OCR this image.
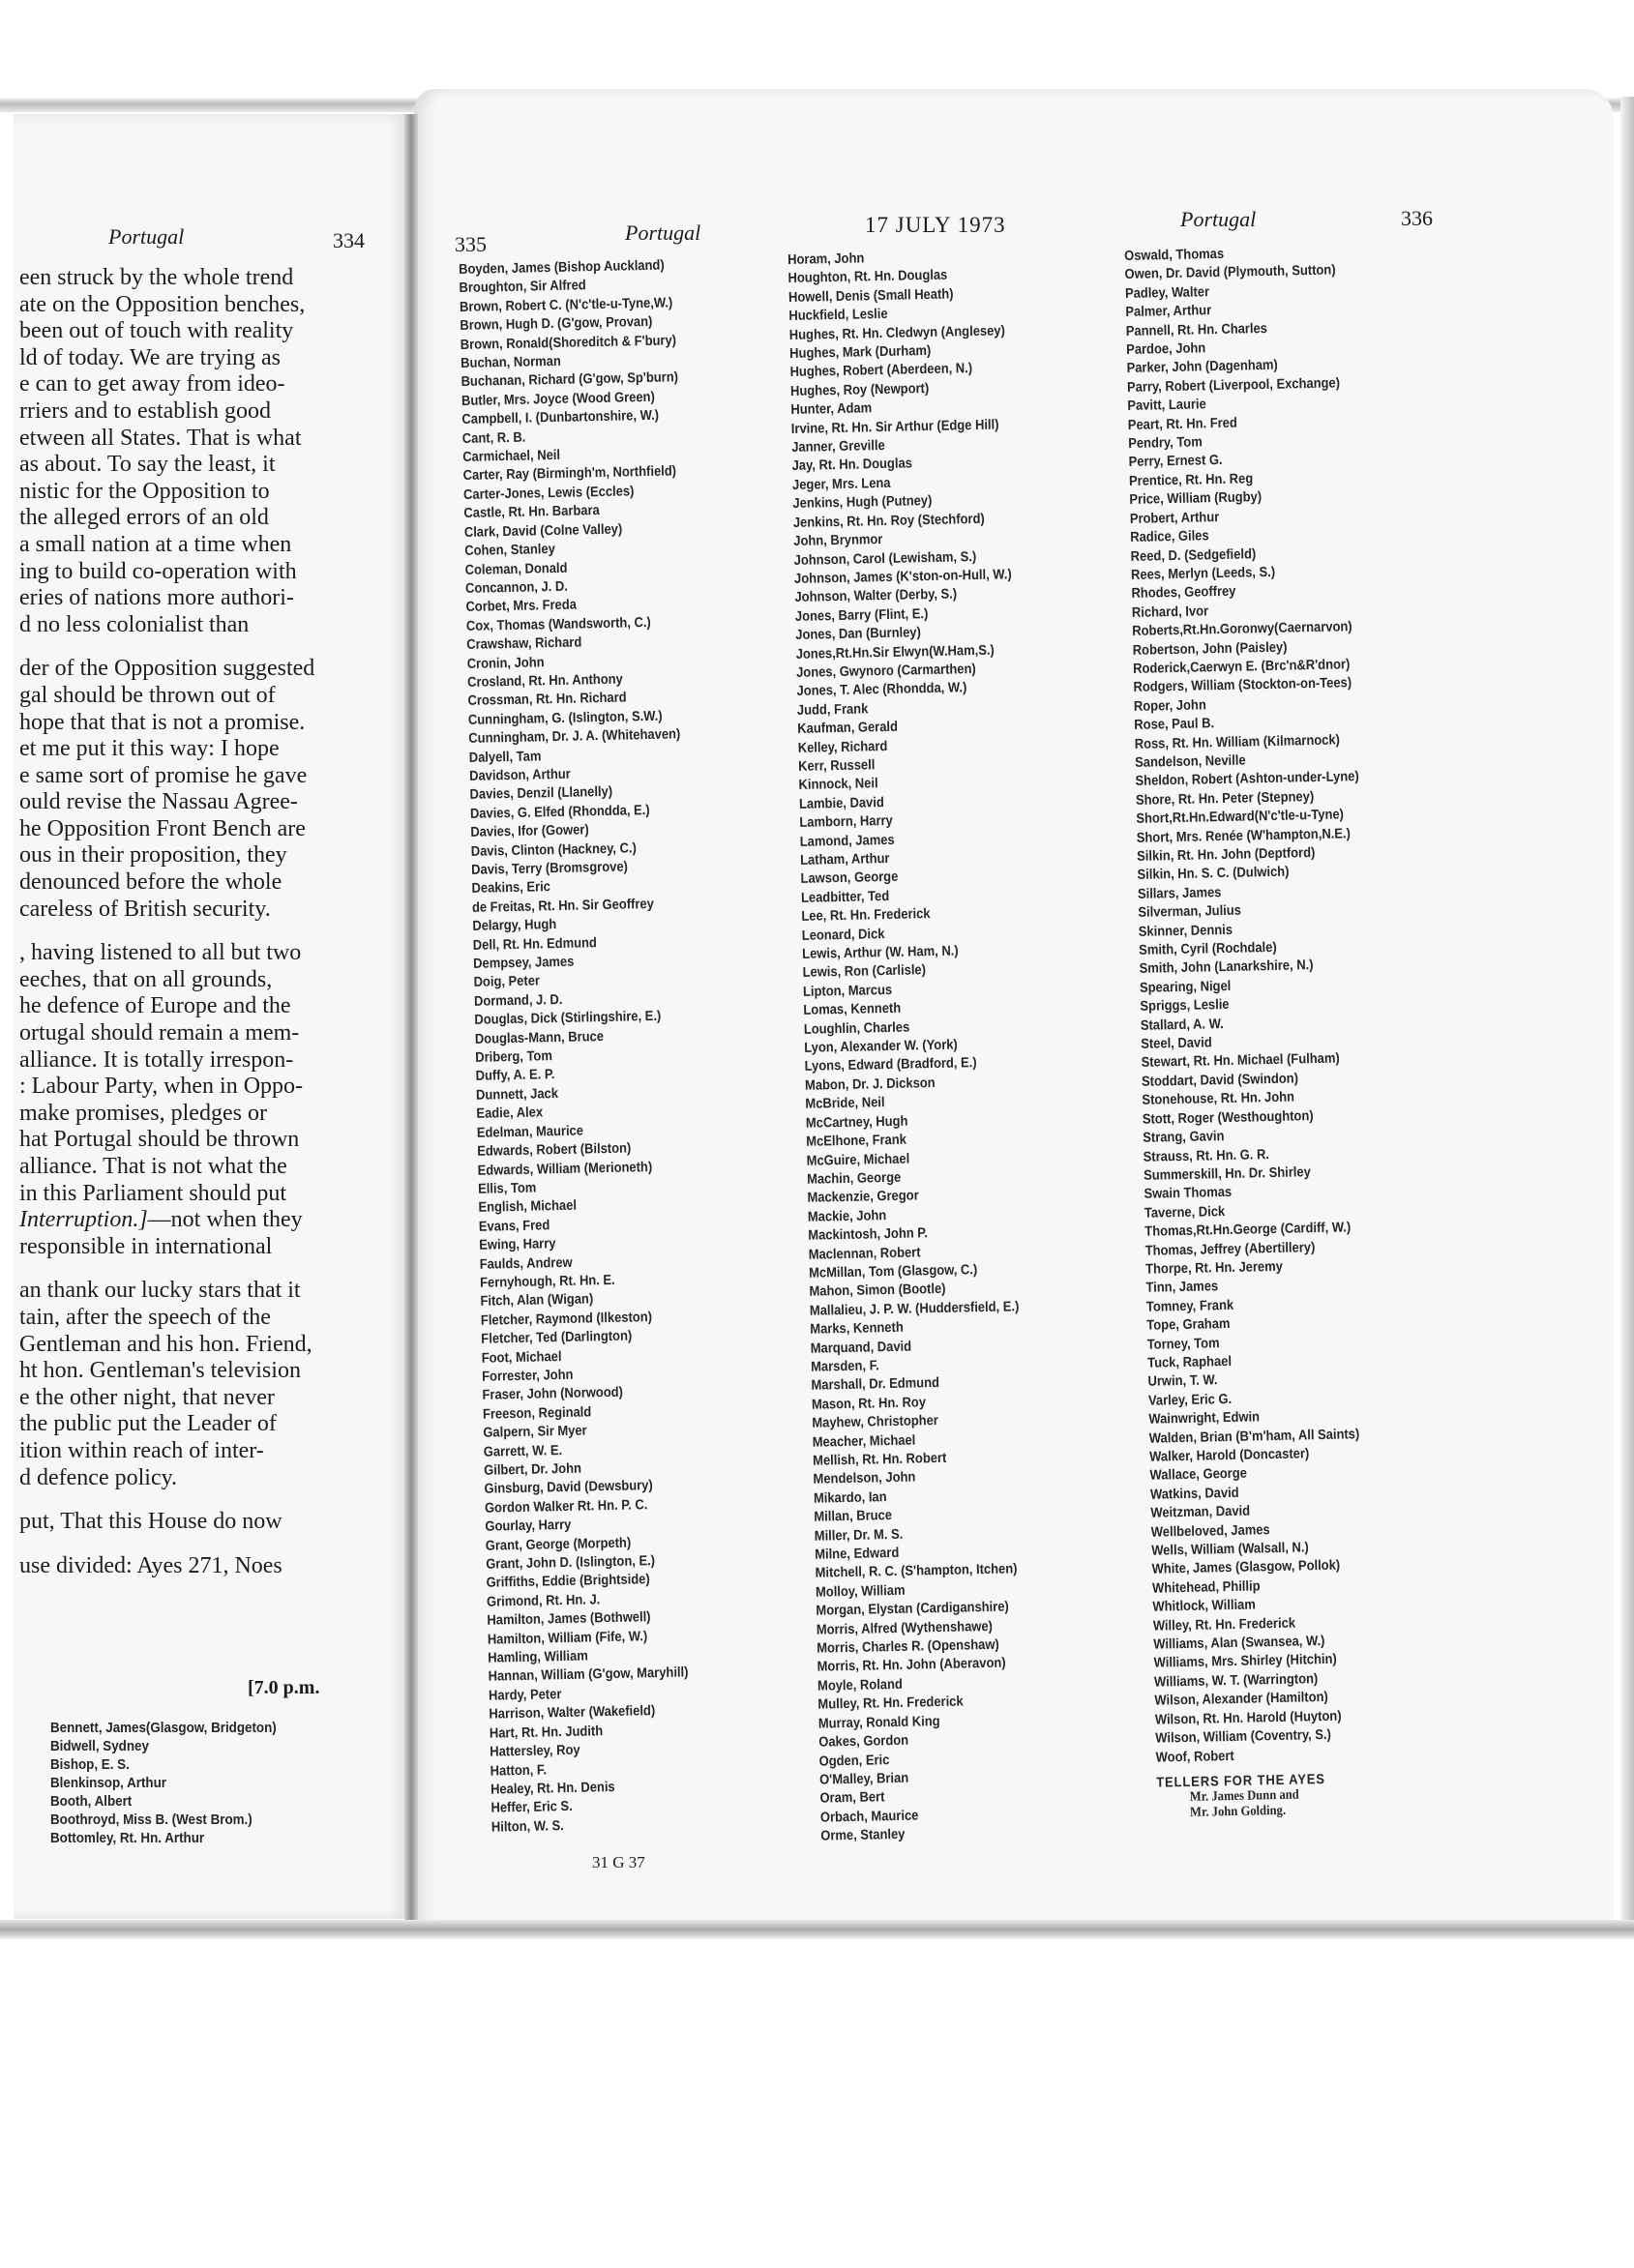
Portugal	334

een struck by the whole trend

ate on the Opposition benches,

been out of touch with reality

ld of today. We are trying as

e can to get away from ideo-

rriers and to establish good

etween all States. That is what

as about. To say the least, it

nistic for the Opposition to

the alleged errors of an old

a small nation at a time when

ing to build co-operation with

eries of nations more authori-

d no less colonialist than

der of the Opposition suggested

gal should be thrown out of

hope that that is not a promise.

et me put it this way: I hope

e same sort of promise he gave

ould revise the Nassau Agree-

he Opposition Front Bench are

ous in their proposition, they

denounced before the whole

careless of British security.

, having listened to all but two

eeches, that on all grounds,

he defence of Europe and the

ortugal should remain a mem-

alliance. It is totally irrespon-

: Labour Party, when in Oppo-

make promises, pledges or

hat Portugal should be thrown

alliance. That is not what the

in this Parliament should put

Interruption.]—not when they

responsible in international

an thank our lucky stars that it

tain, after the speech of the

Gentleman and his hon. Friend,

ht hon. Gentleman's television

e the other night, that never

the public put the Leader of

ition within reach of inter-

d defence policy.

put, That this House do now

use divided: Ayes 271, Noes

[7.0 p.m.
Bennett, James(Glasgow, Bridgeton)
Bidwell, Sydney
Bishop, E. S.
Blenkinsop, Arthur
Booth, Albert
Boothroyd, Miss B. (West Brom.)
Bottomley, Rt. Hn. Arthur
335	Portugal	17 JULY 1973	Portugal	336
Boyden, James (Bishop Auckland)
Broughton, Sir Alfred
Brown, Robert C. (N'c'tle-u-Tyne,W.)
Brown, Hugh D. (G'gow, Provan)
Brown, Ronald(Shoreditch & F'bury)
Buchan, Norman
Buchanan, Richard (G'gow, Sp'burn)
Butler, Mrs. Joyce (Wood Green)
Campbell, I. (Dunbartonshire, W.)
Cant, R. B.
Carmichael, Neil
Carter, Ray (Birmingh'm, Northfield)
Carter-Jones, Lewis (Eccles)
Castle, Rt. Hn. Barbara
Clark, David (Colne Valley)
Cohen, Stanley
Coleman, Donald
Concannon, J. D.
Corbet, Mrs. Freda
Cox, Thomas (Wandsworth, C.)
Crawshaw, Richard
Cronin, John
Crosland, Rt. Hn. Anthony
Crossman, Rt. Hn. Richard
Cunningham, G. (Islington, S.W.)
Cunningham, Dr. J. A. (Whitehaven)
Dalyell, Tam
Davidson, Arthur
Davies, Denzil (Llanelly)
Davies, G. Elfed (Rhondda, E.)
Davies, Ifor (Gower)
Davis, Clinton (Hackney, C.)
Davis, Terry (Bromsgrove)
Deakins, Eric
de Freitas, Rt. Hn. Sir Geoffrey
Delargy, Hugh
Dell, Rt. Hn. Edmund
Dempsey, James
Doig, Peter
Dormand, J. D.
Douglas, Dick (Stirlingshire, E.)
Douglas-Mann, Bruce
Driberg, Tom
Duffy, A. E. P.
Dunnett, Jack
Eadie, Alex
Edelman, Maurice
Edwards, Robert (Bilston)
Edwards, William (Merioneth)
Ellis, Tom
English, Michael
Evans, Fred
Ewing, Harry
Faulds, Andrew
Fernyhough, Rt. Hn. E.
Fitch, Alan (Wigan)
Fletcher, Raymond (Ilkeston)
Fletcher, Ted (Darlington)
Foot, Michael
Forrester, John
Fraser, John (Norwood)
Freeson, Reginald
Galpern, Sir Myer
Garrett, W. E.
Gilbert, Dr. John
Ginsburg, David (Dewsbury)
Gordon Walker Rt. Hn. P. C.
Gourlay, Harry
Grant, George (Morpeth)
Grant, John D. (Islington, E.)
Griffiths, Eddie (Brightside)
Grimond, Rt. Hn. J.
Hamilton, James (Bothwell)
Hamilton, William (Fife, W.)
Hamling, William
Hannan, William (G'gow, Maryhill)
Hardy, Peter
Harrison, Walter (Wakefield)
Hart, Rt. Hn. Judith
Hattersley, Roy
Hatton, F.
Healey, Rt. Hn. Denis
Heffer, Eric S.
Hilton, W. S.
Horam, John
Houghton, Rt. Hn. Douglas
Howell, Denis (Small Heath)
Huckfield, Leslie
Hughes, Rt. Hn. Cledwyn (Anglesey)
Hughes, Mark (Durham)
Hughes, Robert (Aberdeen, N.)
Hughes, Roy (Newport)
Hunter, Adam
Irvine, Rt. Hn. Sir Arthur (Edge Hill)
Janner, Greville
Jay, Rt. Hn. Douglas
Jeger, Mrs. Lena
Jenkins, Hugh (Putney)
Jenkins, Rt. Hn. Roy (Stechford)
John, Brynmor
Johnson, Carol (Lewisham, S.)
Johnson, James (K'ston-on-Hull, W.)
Johnson, Walter (Derby, S.)
Jones, Barry (Flint, E.)
Jones, Dan (Burnley)
Jones,Rt.Hn.Sir Elwyn(W.Ham,S.)
Jones, Gwynoro (Carmarthen)
Jones, T. Alec (Rhondda, W.)
Judd, Frank
Kaufman, Gerald
Kelley, Richard
Kerr, Russell
Kinnock, Neil
Lambie, David
Lamborn, Harry
Lamond, James
Latham, Arthur
Lawson, George
Leadbitter, Ted
Lee, Rt. Hn. Frederick
Leonard, Dick
Lewis, Arthur (W. Ham, N.)
Lewis, Ron (Carlisle)
Lipton, Marcus
Lomas, Kenneth
Loughlin, Charles
Lyon, Alexander W. (York)
Lyons, Edward (Bradford, E.)
Mabon, Dr. J. Dickson
McBride, Neil
McCartney, Hugh
McElhone, Frank
McGuire, Michael
Machin, George
Mackenzie, Gregor
Mackie, John
Mackintosh, John P.
Maclennan, Robert
McMillan, Tom (Glasgow, C.)
Mahon, Simon (Bootle)
Mallalieu, J. P. W. (Huddersfield, E.)
Marks, Kenneth
Marquand, David
Marsden, F.
Marshall, Dr. Edmund
Mason, Rt. Hn. Roy
Mayhew, Christopher
Meacher, Michael
Mellish, Rt. Hn. Robert
Mendelson, John
Mikardo, Ian
Millan, Bruce
Miller, Dr. M. S.
Milne, Edward
Mitchell, R. C. (S'hampton, Itchen)
Molloy, William
Morgan, Elystan (Cardiganshire)
Morris, Alfred (Wythenshawe)
Morris, Charles R. (Openshaw)
Morris, Rt. Hn. John (Aberavon)
Moyle, Roland
Mulley, Rt. Hn. Frederick
Murray, Ronald King
Oakes, Gordon
Ogden, Eric
O'Malley, Brian
Oram, Bert
Orbach, Maurice
Orme, Stanley
Oswald, Thomas
Owen, Dr. David (Plymouth, Sutton)
Padley, Walter
Palmer, Arthur
Pannell, Rt. Hn. Charles
Pardoe, John
Parker, John (Dagenham)
Parry, Robert (Liverpool, Exchange)
Pavitt, Laurie
Peart, Rt. Hn. Fred
Pendry, Tom
Perry, Ernest G.
Prentice, Rt. Hn. Reg
Price, William (Rugby)
Probert, Arthur
Radice, Giles
Reed, D. (Sedgefield)
Rees, Merlyn (Leeds, S.)
Rhodes, Geoffrey
Richard, Ivor
Roberts,Rt.Hn.Goronwy(Caernarvon)
Robertson, John (Paisley)
Roderick,Caerwyn E. (Brc'n&R'dnor)
Rodgers, William (Stockton-on-Tees)
Roper, John
Rose, Paul B.
Ross, Rt. Hn. William (Kilmarnock)
Sandelson, Neville
Sheldon, Robert (Ashton-under-Lyne)
Shore, Rt. Hn. Peter (Stepney)
Short,Rt.Hn.Edward(N'c'tle-u-Tyne)
Short, Mrs. Renée (W'hampton,N.E.)
Silkin, Rt. Hn. John (Deptford)
Silkin, Hn. S. C. (Dulwich)
Sillars, James
Silverman, Julius
Skinner, Dennis
Smith, Cyril (Rochdale)
Smith, John (Lanarkshire, N.)
Spearing, Nigel
Spriggs, Leslie
Stallard, A. W.
Steel, David
Stewart, Rt. Hn. Michael (Fulham)
Stoddart, David (Swindon)
Stonehouse, Rt. Hn. John
Stott, Roger (Westhoughton)
Strang, Gavin
Strauss, Rt. Hn. G. R.
Summerskill, Hn. Dr. Shirley
Swain Thomas
Taverne, Dick
Thomas,Rt.Hn.George (Cardiff, W.)
Thomas, Jeffrey (Abertillery)
Thorpe, Rt. Hn. Jeremy
Tinn, James
Tomney, Frank
Tope, Graham
Torney, Tom
Tuck, Raphael
Urwin, T. W.
Varley, Eric G.
Wainwright, Edwin
Walden, Brian (B'm'ham, All Saints)
Walker, Harold (Doncaster)
Wallace, George
Watkins, David
Weitzman, David
Wellbeloved, James
Wells, William (Walsall, N.)
White, James (Glasgow, Pollok)
Whitehead, Phillip
Whitlock, William
Willey, Rt. Hn. Frederick
Williams, Alan (Swansea, W.)
Williams, Mrs. Shirley (Hitchin)
Williams, W. T. (Warrington)
Wilson, Alexander (Hamilton)
Wilson, Rt. Hn. Harold (Huyton)
Wilson, William (Coventry, S.)
Woof, Robert
TELLERS FOR THE AYES
Mr. James Dunn and
Mr. John Golding.
31 G 37
